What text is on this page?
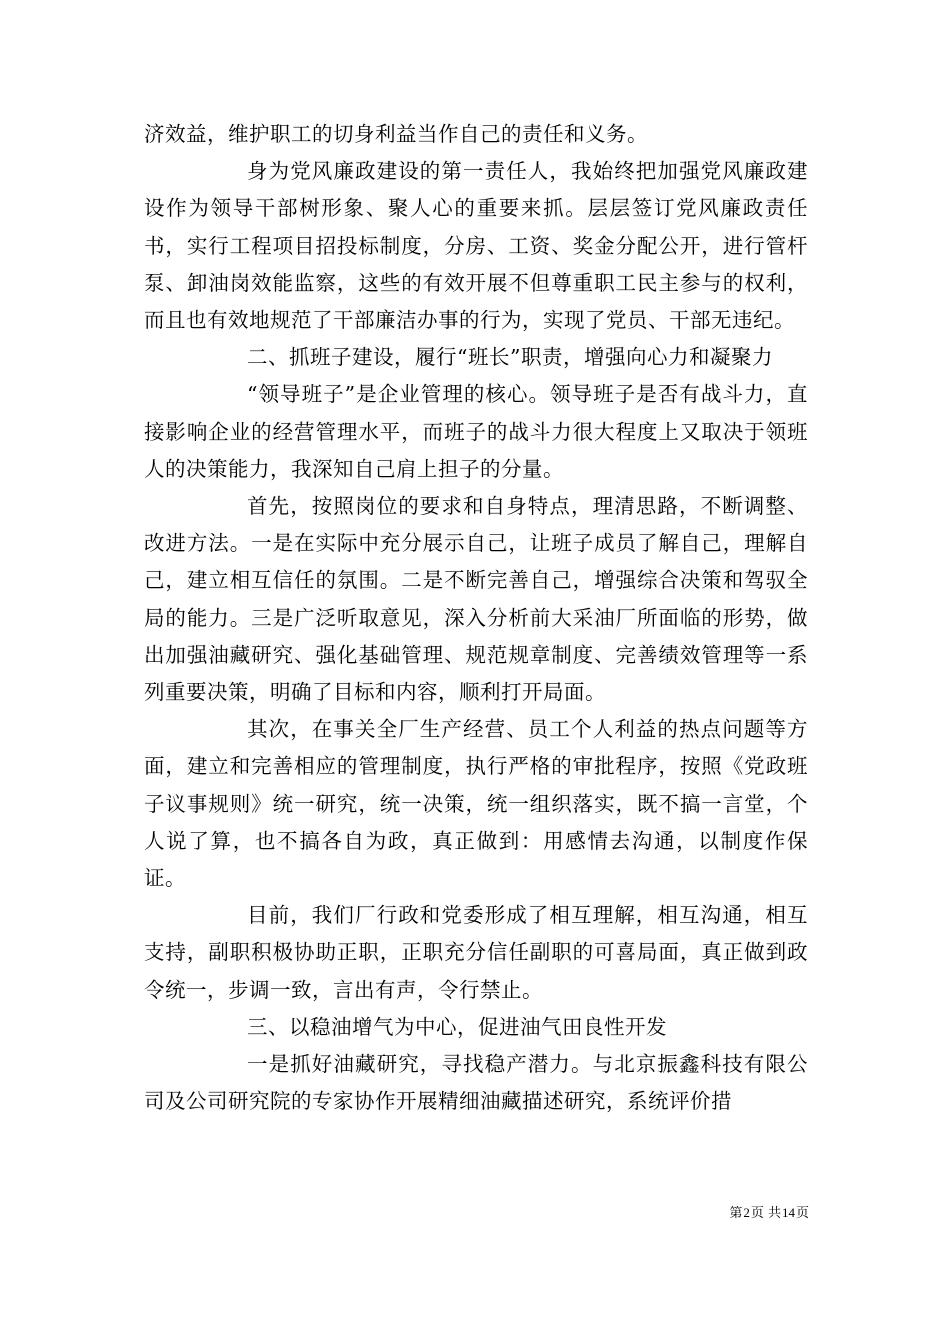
济效益，维护职工的切身利益当作自己的责任和义务。

身为党风廉政建设的第一责任人，我始终把加强党风廉政建设作为领导干部树形象、聚人心的重要来抓。层层签订党风廉政责任书，实行工程项目招投标制度，分房、工资、奖金分配公开，进行管杆泵、卸油岗效能监察，这些的有效开展不但尊重职工民主参与的权利，而且也有效地规范了干部廉洁办事的行为，实现了党员、干部无违纪。

二、抓班子建设，履行“班长”职责，增强向心力和凝聚力

“领导班子”是企业管理的核心。领导班子是否有战斗力，直接影响企业的经营管理水平，而班子的战斗力很大程度上又取决于领班人的决策能力，我深知自己肩上担子的分量。

首先，按照岗位的要求和自身特点，理清思路，不断调整、改进方法。一是在实际中充分展示自己，让班子成员了解自己，理解自己，建立相互信任的氛围。二是不断完善自己，增强综合决策和驾驭全局的能力。三是广泛听取意见，深入分析前大采油厂所面临的形势，做出加强油藏研究、强化基础管理、规范规章制度、完善绩效管理等一系列重要决策，明确了目标和内容，顺利打开局面。

其次，在事关全厂生产经营、员工个人利益的热点问题等方面，建立和完善相应的管理制度，执行严格的审批程序，按照《党政班子议事规则》统一研究，统一决策，统一组织落实，既不搞一言堂，个人说了算，也不搞各自为政，真正做到：用感情去沟通，以制度作保证。

目前，我们厂行政和党委形成了相互理解，相互沟通，相互支持，副职积极协助正职，正职充分信任副职的可喜局面，真正做到政令统一，步调一致，言出有声，令行禁止。

三、以稳油增气为中心，促进油气田良性开发

一是抓好油藏研究，寻找稳产潜力。与北京振鑫科技有限公司及公司研究院的专家协作开展精细油藏描述研究，系统评价措

第2页 共14页
